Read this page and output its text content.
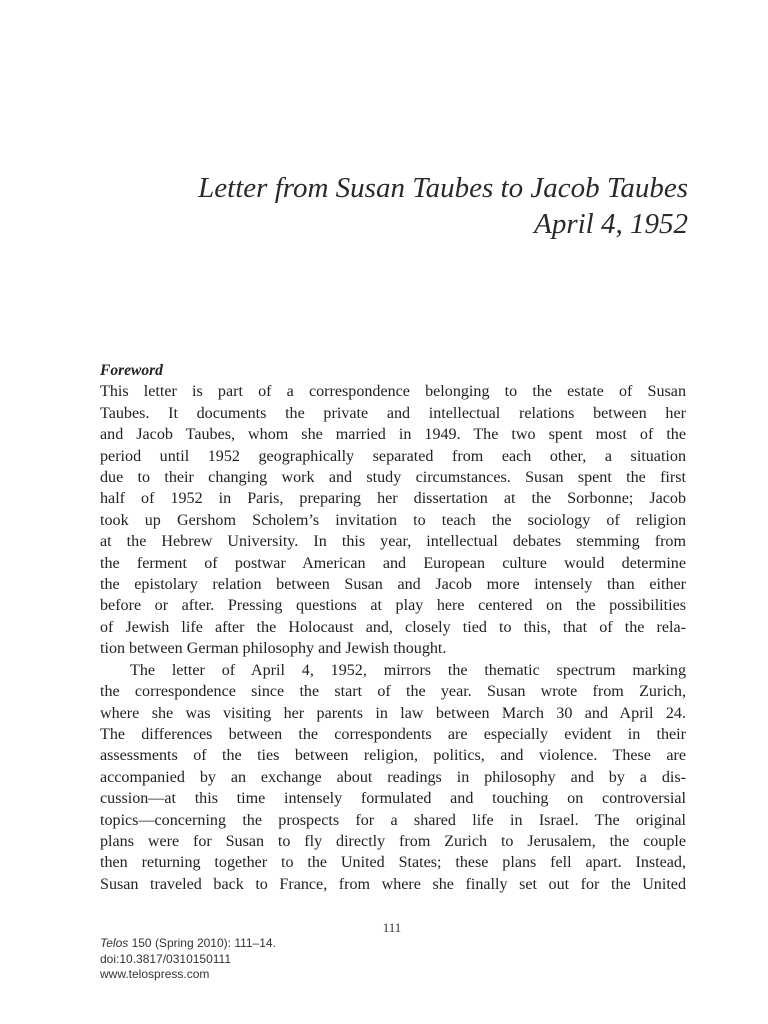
Letter from Susan Taubes to Jacob Taubes
April 4, 1952

Foreword

This letter is part of a correspondence belonging to the estate of Susan
Taubes. It documents the private and intellectual relations between her
and Jacob Taubes, whom she married in 1949. The two spent most of the
period until 1952 geographically separated from each other, a situation
due to their changing work and study circumstances. Susan spent the first
half of 1952 in Paris, preparing her dissertation at the Sorbonne; Jacob
took up Gershom Scholem’s invitation to teach the sociology of religion
at the Hebrew University. In this year, intellectual debates stemming from
the ferment of postwar American and European culture would determine
the epistolary relation between Susan and Jacob more intensely than either
before or after. Pressing questions at play here centered on the possibilities
of Jewish life after the Holocaust and, closely tied to this, that of the rela-
tion between German philosophy and Jewish thought.

The letter of April 4, 1952, mirrors the thematic spectrum marking
the correspondence since the start of the year. Susan wrote from Zurich,
where she was visiting her parents in law between March 30 and April 24.
The differences between the correspondents are especially evident in their
assessments of the ties between religion, politics, and violence. These are
accompanied by an exchange about readings in philosophy and by a dis-
cussion—at this time intensely formulated and touching on controversial
topics—concerning the prospects for a shared life in Israel. The original
plans were for Susan to fly directly from Zurich to Jerusalem, the couple
then returning together to the United States; these plans fell apart. Instead,
Susan traveled back to France, from where she finally set out for the United

111
Telos 150 (Spring 2010): 111–14.
doi:10.3817/0310150111
www.telospress.com
